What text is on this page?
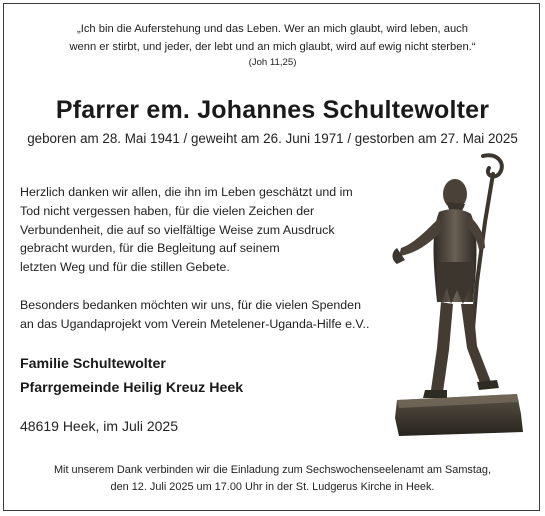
„Ich bin die Auferstehung und das Leben. Wer an mich glaubt, wird leben, auch
wenn er stirbt, und jeder, der lebt und an mich glaubt, wird auf ewig nicht sterben.“
(Joh 11,25)
Pfarrer em. Johannes Schultewolter
geboren am 28. Mai 1941 / geweiht am 26. Juni 1971 / gestorben am 27. Mai 2025

Herzlich danken wir allen, die ihn im Leben geschätzt und im
Tod nicht vergessen haben, für die vielen Zeichen der
Verbundenheit, die auf so vielfältige Weise zum Ausdruck
gebracht wurden, für die Begleitung auf seinem
letzten Weg und für die stillen Gebete.

Besonders bedanken möchten wir uns, für die vielen Spenden
an das Ugandaprojekt vom Verein Metelener-Uganda-Hilfe e.V..

Familie Schultewolter
Pfarrgemeinde Heilig Kreuz Heek
48619 Heek, im Juli 2025
Mit unserem Dank verbinden wir die Einladung zum Sechswochenseelenamt am Samstag,
den 12. Juli 2025 um 17.00 Uhr in der St. Ludgerus Kirche in Heek.
